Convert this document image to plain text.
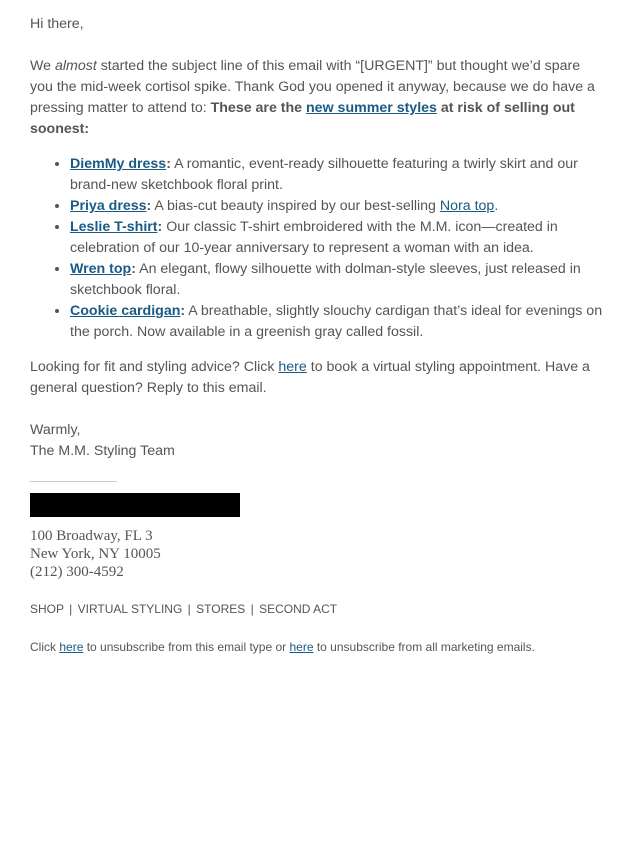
Hi there,

We almost started the subject line of this email with “[URGENT]” but thought we’d spare you the mid-week cortisol spike. Thank God you opened it anyway, because we do have a pressing matter to attend to: These are the new summer styles at risk of selling out soonest:

• DiemMy dress: A romantic, event-ready silhouette featuring a twirly skirt and our brand-new sketchbook floral print.
• Priya dress: A bias-cut beauty inspired by our best-selling Nora top.
• Leslie T-shirt: Our classic T-shirt embroidered with the M.M. icon—created in celebration of our 10-year anniversary to represent a woman with an idea.
• Wren top: An elegant, flowy silhouette with dolman-style sleeves, just released in sketchbook floral.
• Cookie cardigan: A breathable, slightly slouchy cardigan that’s ideal for evenings on the porch. Now available in a greenish gray called fossil.

Looking for fit and styling advice? Click here to book a virtual styling appointment. Have a general question? Reply to this email.

Warmly,

The M.M. Styling Team

100 Broadway, FL 3
New York, NY 10005
(212) 300-4592
SHOP | VIRTUAL STYLING | STORES | SECOND ACT

Click here to unsubscribe from this email type or here to unsubscribe from all marketing emails.
